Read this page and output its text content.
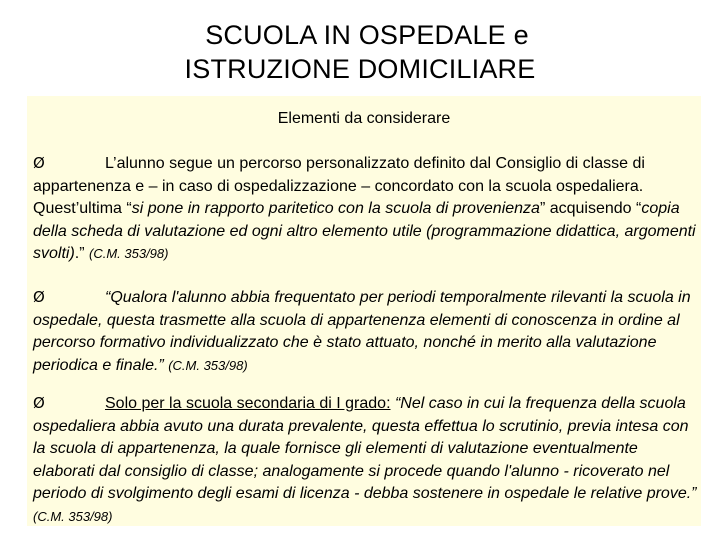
SCUOLA IN OSPEDALE e
ISTRUZIONE DOMICILIARE
Elementi da considerare
Ø	L’alunno segue un percorso personalizzato definito dal Consiglio di classe di appartenenza e – in caso di ospedalizzazione – concordato con la scuola ospedaliera. Quest’ultima “si pone in rapporto paritetico con la scuola di provenienza” acquisendo “copia della scheda di valutazione ed ogni altro elemento utile (programmazione didattica, argomenti svolti).” (C.M. 353/98)
Ø	“Qualora l'alunno abbia frequentato per periodi temporalmente rilevanti la scuola in ospedale, questa trasmette alla scuola di appartenenza elementi di conoscenza in ordine al percorso formativo individualizzato che è stato attuato, nonché in merito alla valutazione periodica e finale.” (C.M. 353/98)
Ø	Solo per la scuola secondaria di I grado: “Nel caso in cui la frequenza della scuola ospedaliera abbia avuto una durata prevalente, questa effettua lo scrutinio, previa intesa con la scuola di appartenenza, la quale fornisce gli elementi di valutazione eventualmente elaborati dal consiglio di classe; analogamente si procede quando l'alunno - ricoverato nel periodo di svolgimento degli esami di licenza - debba sostenere in ospedale le relative prove.” (C.M. 353/98)
